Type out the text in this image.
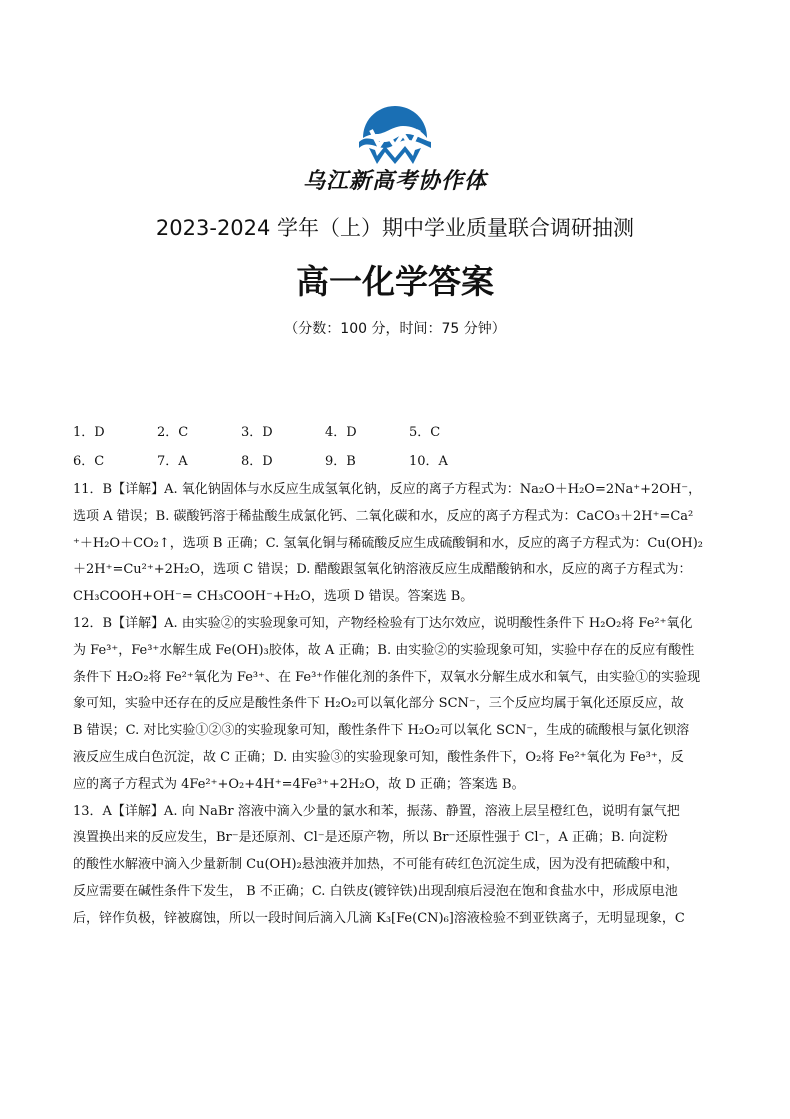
乌江新高考协作体
2023-2024 学年（上）期中学业质量联合调研抽测
高一化学答案
（分数：100 分，时间：75 分钟）
1．D	2．C	3．D	4．D	5．C
6．C	7．A	8．D	9．B	10．A
11．B【详解】A. 氧化钠固体与水反应生成氢氧化钠，反应的离子方程式为：Na₂O＋H₂O=2Na⁺+2OH⁻，
选项 A 错误；B. 碳酸钙溶于稀盐酸生成氯化钙、二氧化碳和水，反应的离子方程式为：CaCO₃＋2H⁺=Ca²
⁺＋H₂O＋CO₂↑，选项 B 正确；C. 氢氧化铜与稀硫酸反应生成硫酸铜和水，反应的离子方程式为：Cu(OH)₂
＋2H⁺=Cu²⁺+2H₂O，选项 C 错误；D. 醋酸跟氢氧化钠溶液反应生成醋酸钠和水，反应的离子方程式为：
CH₃COOH+OH⁻= CH₃COOH⁻+H₂O，选项 D 错误。答案选 B。
12．B【详解】A. 由实验②的实验现象可知，产物经检验有丁达尔效应，说明酸性条件下 H₂O₂将 Fe²⁺氧化
为 Fe³⁺，Fe³⁺水解生成 Fe(OH)₃胶体，故 A 正确；B. 由实验②的实验现象可知，实验中存在的反应有酸性
条件下 H₂O₂将 Fe²⁺氧化为 Fe³⁺、在 Fe³⁺作催化剂的条件下，双氧水分解生成水和氧气，由实验①的实验现
象可知，实验中还存在的反应是酸性条件下 H₂O₂可以氧化部分 SCN⁻，三个反应均属于氧化还原反应，故
B 错误；C. 对比实验①②③的实验现象可知，酸性条件下 H₂O₂可以氧化 SCN⁻，生成的硫酸根与氯化钡溶
液反应生成白色沉淀，故 C 正确；D. 由实验③的实验现象可知，酸性条件下，O₂将 Fe²⁺氧化为 Fe³⁺，反
应的离子方程式为 4Fe²⁺+O₂+4H⁺=4Fe³⁺+2H₂O，故 D 正确；答案选 B。
13．A【详解】A. 向 NaBr 溶液中滴入少量的氯水和苯，振荡、静置，溶液上层呈橙红色，说明有氯气把
溴置换出来的反应发生，Br⁻是还原剂、Cl⁻是还原产物，所以 Br⁻还原性强于 Cl⁻，A 正确；B. 向淀粉
的酸性水解液中滴入少量新制 Cu(OH)₂悬浊液并加热，不可能有砖红色沉淀生成，因为没有把硫酸中和，
反应需要在碱性条件下发生， B 不正确；C. 白铁皮(镀锌铁)出现刮痕后浸泡在饱和食盐水中，形成原电池
后，锌作负极，锌被腐蚀，所以一段时间后滴入几滴 K₃[Fe(CN)₆]溶液检验不到亚铁离子，无明显现象，C
